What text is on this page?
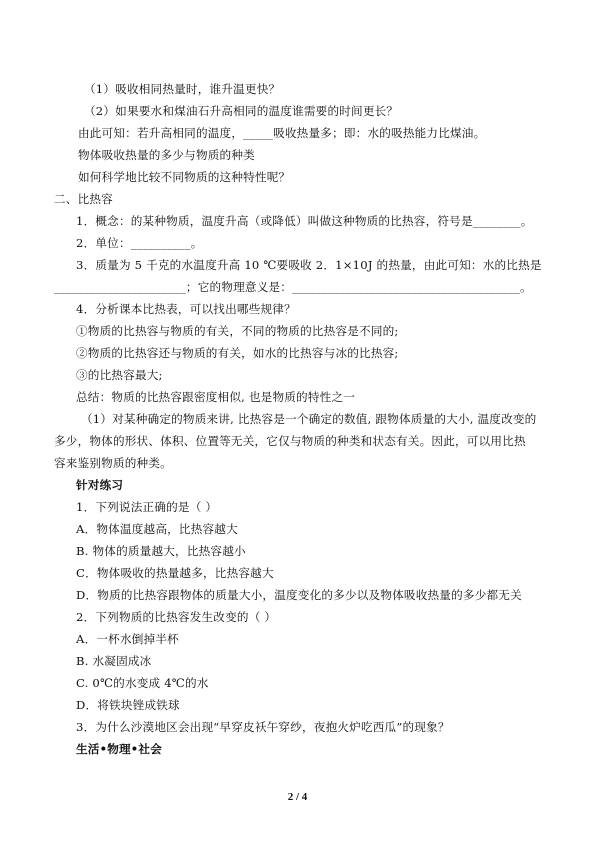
（1）吸收相同热量时，谁升温更快？
（2）如果要水和煤油石升高相同的温度谁需要的时间更长？
由此可知：若升高相同的温度，_____吸收热量多；即：水的吸热能力比煤油。
物体吸收热量的多少与物质的种类
如何科学地比较不同物质的这种特性呢？
二、比热容
1．概念：的某种物质，温度升高（或降低）叫做这种物质的比热容，符号是________。
2．单位：__________。
3．质量为 5 千克的水温度升高 10 ℃要吸收 2．1×10J 的热量，由此可知：水的比热是
______________________；它的物理意义是：______________________________________。
4．分析课本比热表，可以找出哪些规律？
①物质的比热容与物质的有关，不同的物质的比热容是不同的;
②物质的比热容还与物质的有关，如水的比热容与冰的比热容;
③的比热容最大;
总结：物质的比热容跟密度相似, 也是物质的特性之一
（1）对某种确定的物质来讲, 比热容是一个确定的数值, 跟物体质量的大小, 温度改变的
多少，物体的形状、体积、位置等无关，它仅与物质的种类和状态有关。因此，可以用比热
容来鉴别物质的种类。
针对练习
1．下列说法正确的是（ ）
A．物体温度越高，比热容越大
B. 物体的质量越大，比热容越小
C．物体吸收的热量越多，比热容越大
D．物质的比热容跟物体的质量大小，温度变化的多少以及物体吸收热量的多少都无关
2．下列物质的比热容发生改变的（ ）
A．一杯水倒掉半杯
B. 水凝固成冰
C. 0℃的水变成 4℃的水
D．将铁块锉成铁球
3．为什么沙漠地区会出现“早穿皮袄午穿纱，夜抱火炉吃西瓜”的现象？
生活•物理•社会
2 / 4
